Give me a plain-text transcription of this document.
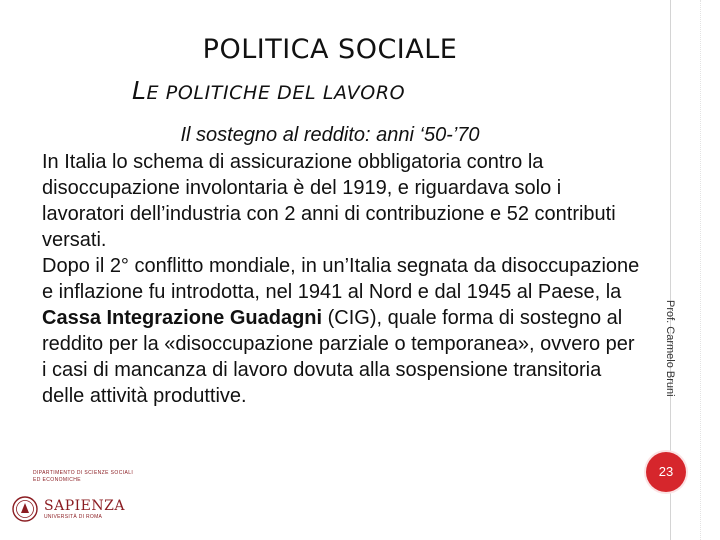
POLITICA SOCIALE
LE POLITICHE DEL LAVORO
Il sostegno al reddito: anni ‘50-’70

In Italia lo schema di assicurazione obbligatoria contro la disoccupazione involontaria è del 1919, e riguardava solo i lavoratori dell’industria con 2 anni di contribuzione e 52 contributi versati.

Dopo il 2° conflitto mondiale, in un’Italia segnata da disoccupazione e inflazione fu introdotta, nel 1941 al Nord e dal 1945 al Paese, la Cassa Integrazione Guadagni (CIG), quale forma di sostegno al reddito per la «disoccupazione parziale o temporanea», ovvero per i casi di mancanza di lavoro dovuta alla sospensione transitoria delle attività produttive.	Prof. Carmelo Bruni
23
DIPARTIMENTO DI SCIENZE SOCIALI
ED ECONOMICHE
SAPIENZA
UNIVERSITÀ DI ROMA
